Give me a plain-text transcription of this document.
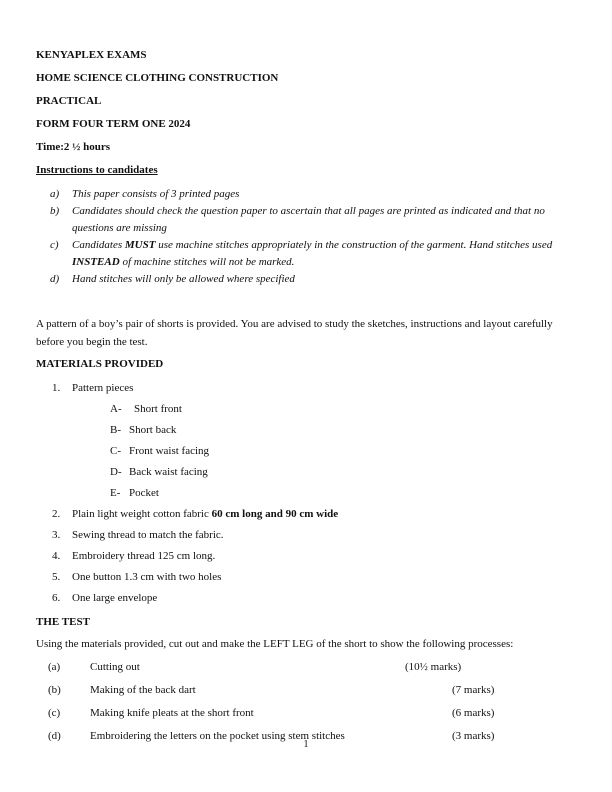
KENYAPLEX EXAMS
HOME SCIENCE CLOTHING CONSTRUCTION
PRACTICAL
FORM FOUR TERM ONE 2024
Time:2 ½ hours
Instructions to candidates
a)	This paper consists of 3 printed pages
b)	Candidates should check the question paper to ascertain that all pages are printed as indicated and that no questions are missing
c)	Candidates MUST use machine stitches appropriately in the construction of the garment. Hand stitches used INSTEAD of machine stitches will not be marked.
d)	Hand stitches will only be allowed where specified
A pattern of a boy’s pair of shorts is provided. You are advised to study the sketches, instructions and layout carefully before you begin the test.
MATERIALS PROVIDED
1.	Pattern pieces
A-	Short front
B- Short back
C- Front waist facing
D- Back waist facing
E- Pocket
2.	Plain light weight cotton fabric 60 cm long and 90 cm wide
3.	Sewing thread to match the fabric.
4.	Embroidery thread 125 cm long.
5.	One button 1.3 cm with two holes
6.	One large envelope
THE TEST
Using the materials provided, cut out and make the LEFT LEG of the short to show the following processes:
(a)	Cutting out	(10½ marks)
(b)	Making of the back dart	(7 marks)
(c)	Making knife pleats at the short front	(6 marks)
(d)	Embroidering the letters on the pocket using stem stitches	(3 marks)
1
